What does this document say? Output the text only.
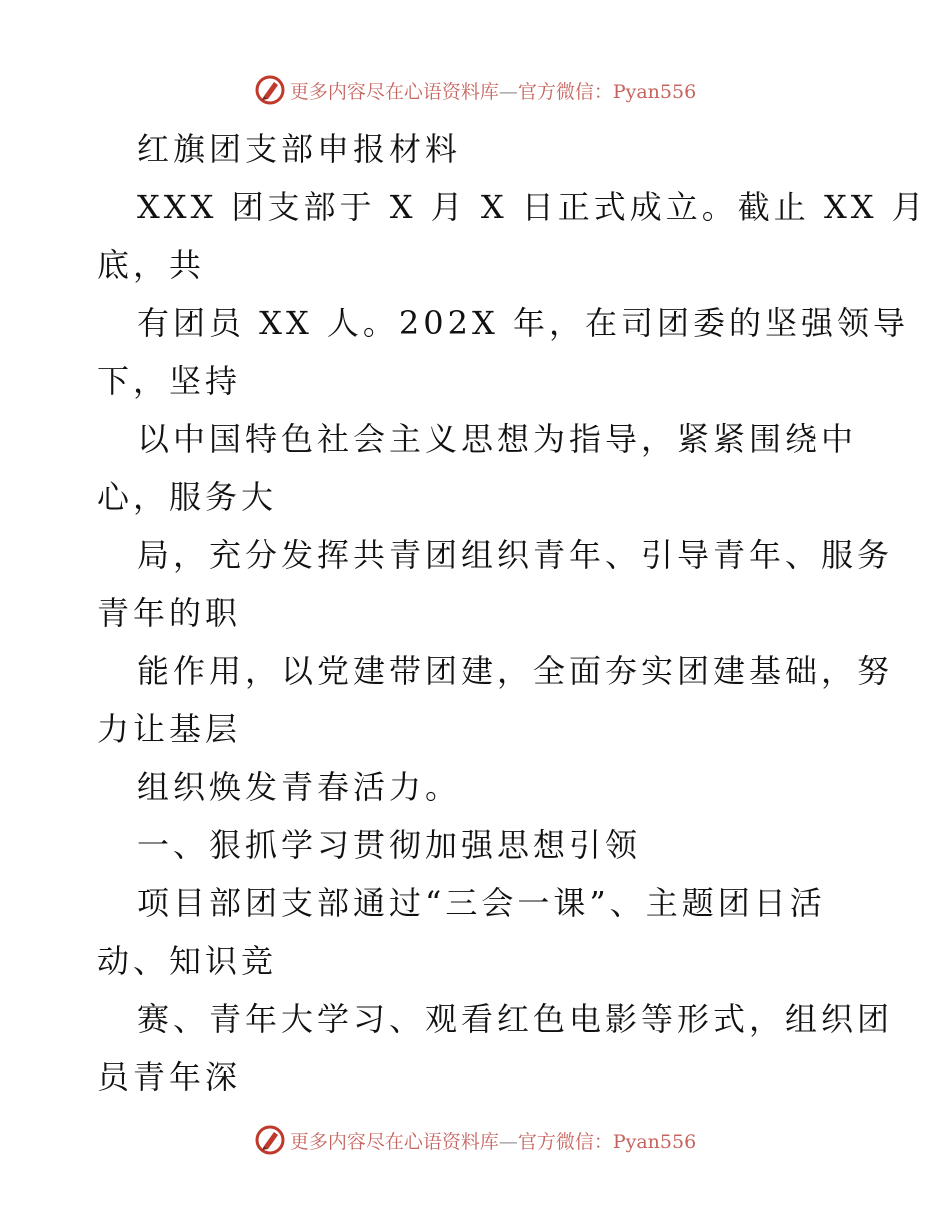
更多内容尽在心语资料库—官方微信：Pyan556
红旗团支部申报材料
XXX 团支部于 X 月 X 日正式成立。截止 XX 月
底，共
有团员 XX 人。202X 年，在司团委的坚强领导
下，坚持
以中国特色社会主义思想为指导，紧紧围绕中
心，服务大
局，充分发挥共青团组织青年、引导青年、服务
青年的职
能作用，以党建带团建，全面夯实团建基础，努
力让基层
组织焕发青春活力。
一、狠抓学习贯彻加强思想引领
项目部团支部通过“三会一课”、主题团日活
动、知识竞
赛、青年大学习、观看红色电影等形式，组织团
员青年深
更多内容尽在心语资料库—官方微信：Pyan556
